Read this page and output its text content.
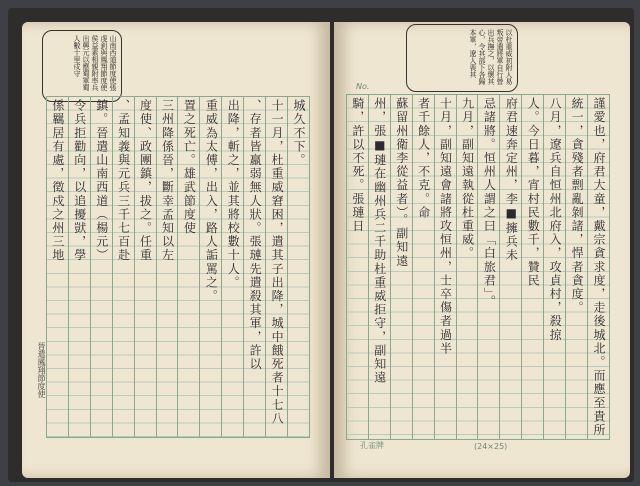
山南西道節度使張虔釗與鳳翔節度使侯益素相親附率兵出興元以應蜀軍蜀人數十里戍守
城久不下。
十一月，杜重威窘困，遣其子出降，城中餓死者十七八
、存者皆羸弱無人狀。張璉先遣殺其軍，許以
出降，斬之，並其將校數十人。
重威為太傅，出入，路人詬罵之。
置之死亡。雄武節度使
三州降係晉，斷幸孟知以左
度使、政團鎮，拔之。任重
、孟知義與元兵三千七百赴
鎮。晉遣山南西道（楊元）
令兵拒勸向，以追擾獃，學
係羈居有處，徵戍之州三地
晉遣鳳翔節度使
以杜重威初附人易叛帝遣將軍自行營出兵撫之，以懷其心，令其部下各歸本軍，遼人喪其
No.
謹愛也，府君大童，戴宗貪求度，走後城北。而應至貴所
統一，貪殘者剽亂剝諸，悍者貪度。
八月，遼兵自恒州北府入，攻貞村，殺掠
人。今日暮，宵村民數千，贊民
府君速奔定州，李■擁兵未
忌諸將。恒州人謂之曰「白旅君」。
九月，副知遠執從杜重威。
十月，副知遠會諸將攻恒州，士卒傷者過半
者千餘人，不克。命
蘇留州衛李從益者）。副知遠
州，張■璉在幽州兵二千助杜重威拒守，副知遠
騎，許以不死。張璉日
(24×25)
孔雀牌
